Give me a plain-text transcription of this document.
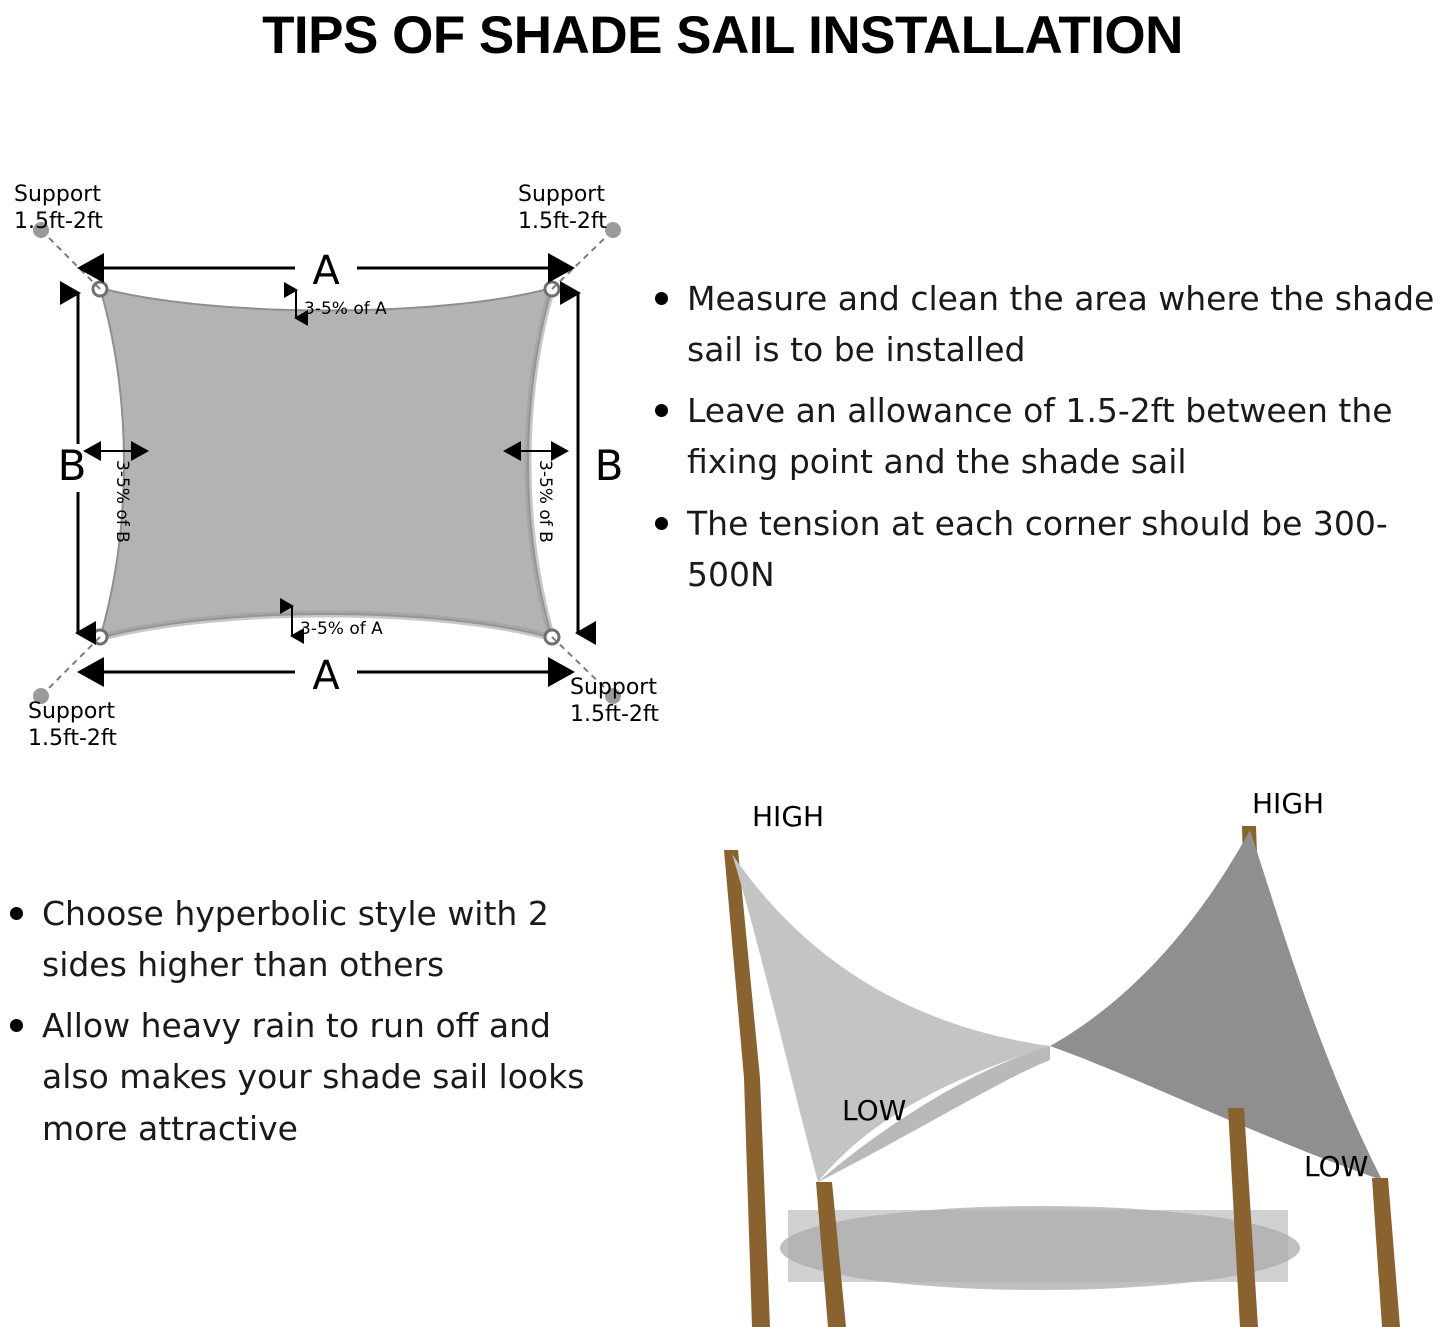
TIPS OF SHADE SAIL INSTALLATION
A
A
B	B
3-5% of A
3-5% of A
3-5% of B	3-5% of B
Support
1.5ft-2ft
Support
1.5ft-2ft
Support
1.5ft-2ft
Support
1.5ft-2ft
Measure and clean the area where the shade sail is to be installed
Leave an allowance of 1.5-2ft between the fixing point and the shade sail
The tension at each corner should be 300-500N
Choose hyperbolic style with 2 sides higher than others
Allow heavy rain to run off and also makes your shade sail looks more attractive
HIGH	HIGH
LOW
LOW
